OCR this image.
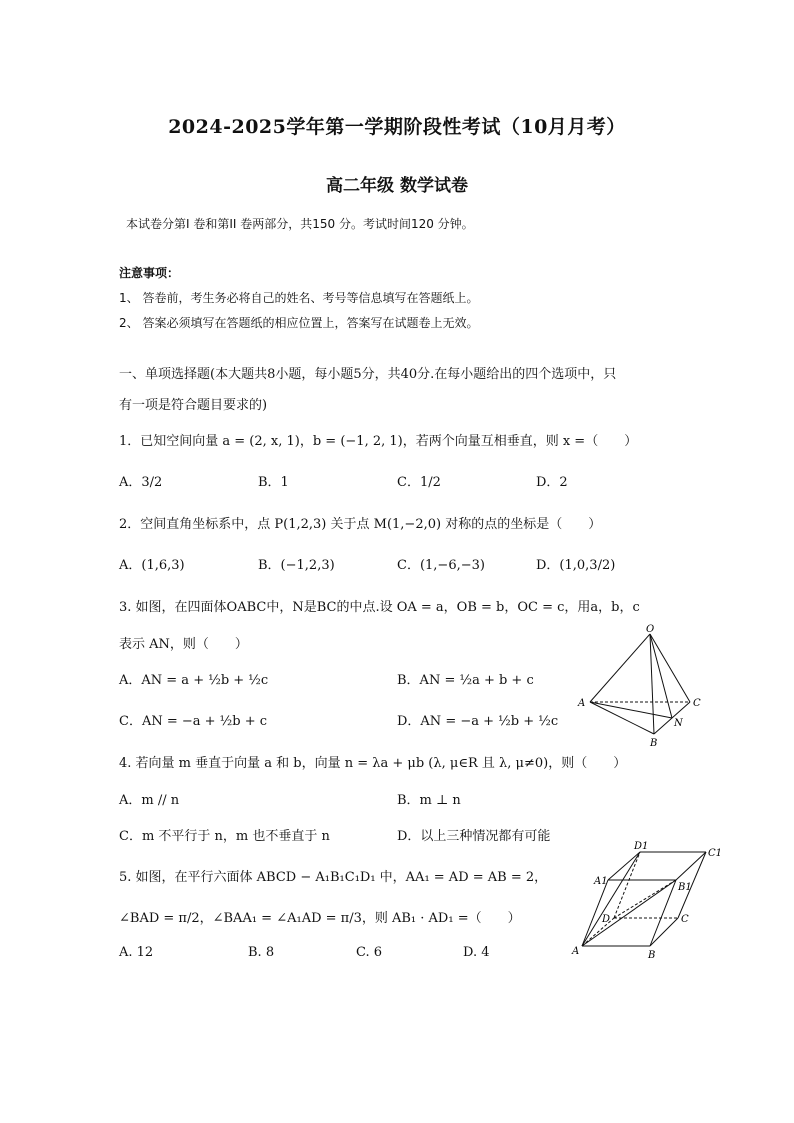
2024-2025学年第一学期阶段性考试（10月月考）
高二年级 数学试卷
本试卷分第I 卷和第II 卷两部分，共150 分。考试时间120 分钟。
注意事项：
1、 答卷前，考生务必将自己的姓名、考号等信息填写在答题纸上。
2、 答案必须填写在答题纸的相应位置上，答案写在试题卷上无效。
一、单项选择题(本大题共8小题，每小题5分，共40分.在每小题给出的四个选项中，只
有一项是符合题目要求的)
1．已知空间向量 a = (2, x, 1)，b = (−1, 2, 1)，若两个向量互相垂直，则 x =（　　）
A．3/2	B．1	C．1/2	D．2
2．空间直角坐标系中，点 P(1,2,3) 关于点 M(1,−2,0) 对称的点的坐标是（　　）
A．(1,6,3)	B．(−1,2,3)	C．(1,−6,−3)	D．(1,0,3/2)
3. 如图，在四面体OABC中，N是BC的中点.设 OA = a，OB = b，OC = c，用a，b，c
表示 AN，则（　　）
A．AN = a + ½b + ½c	B．AN = ½a + b + c
C．AN = −a + ½b + c	D．AN = −a + ½b + ½c
O
A
B
C
N
4. 若向量 m 垂直于向量 a 和 b，向量 n = λa + μb (λ, μ∈R 且 λ, μ≠0)，则（　　）
A．m // n	B．m ⊥ n
C．m 不平行于 n，m 也不垂直于 n	D．以上三种情况都有可能
5. 如图，在平行六面体 ABCD − A₁B₁C₁D₁ 中，AA₁ = AD = AB = 2，
∠BAD = π/2，∠BAA₁ = ∠A₁AD = π/3，则 AB₁ · AD₁ =（　　）
A. 12	B. 8	C. 6	D. 4
D1
C1
A1
B1
D	C
A	B
